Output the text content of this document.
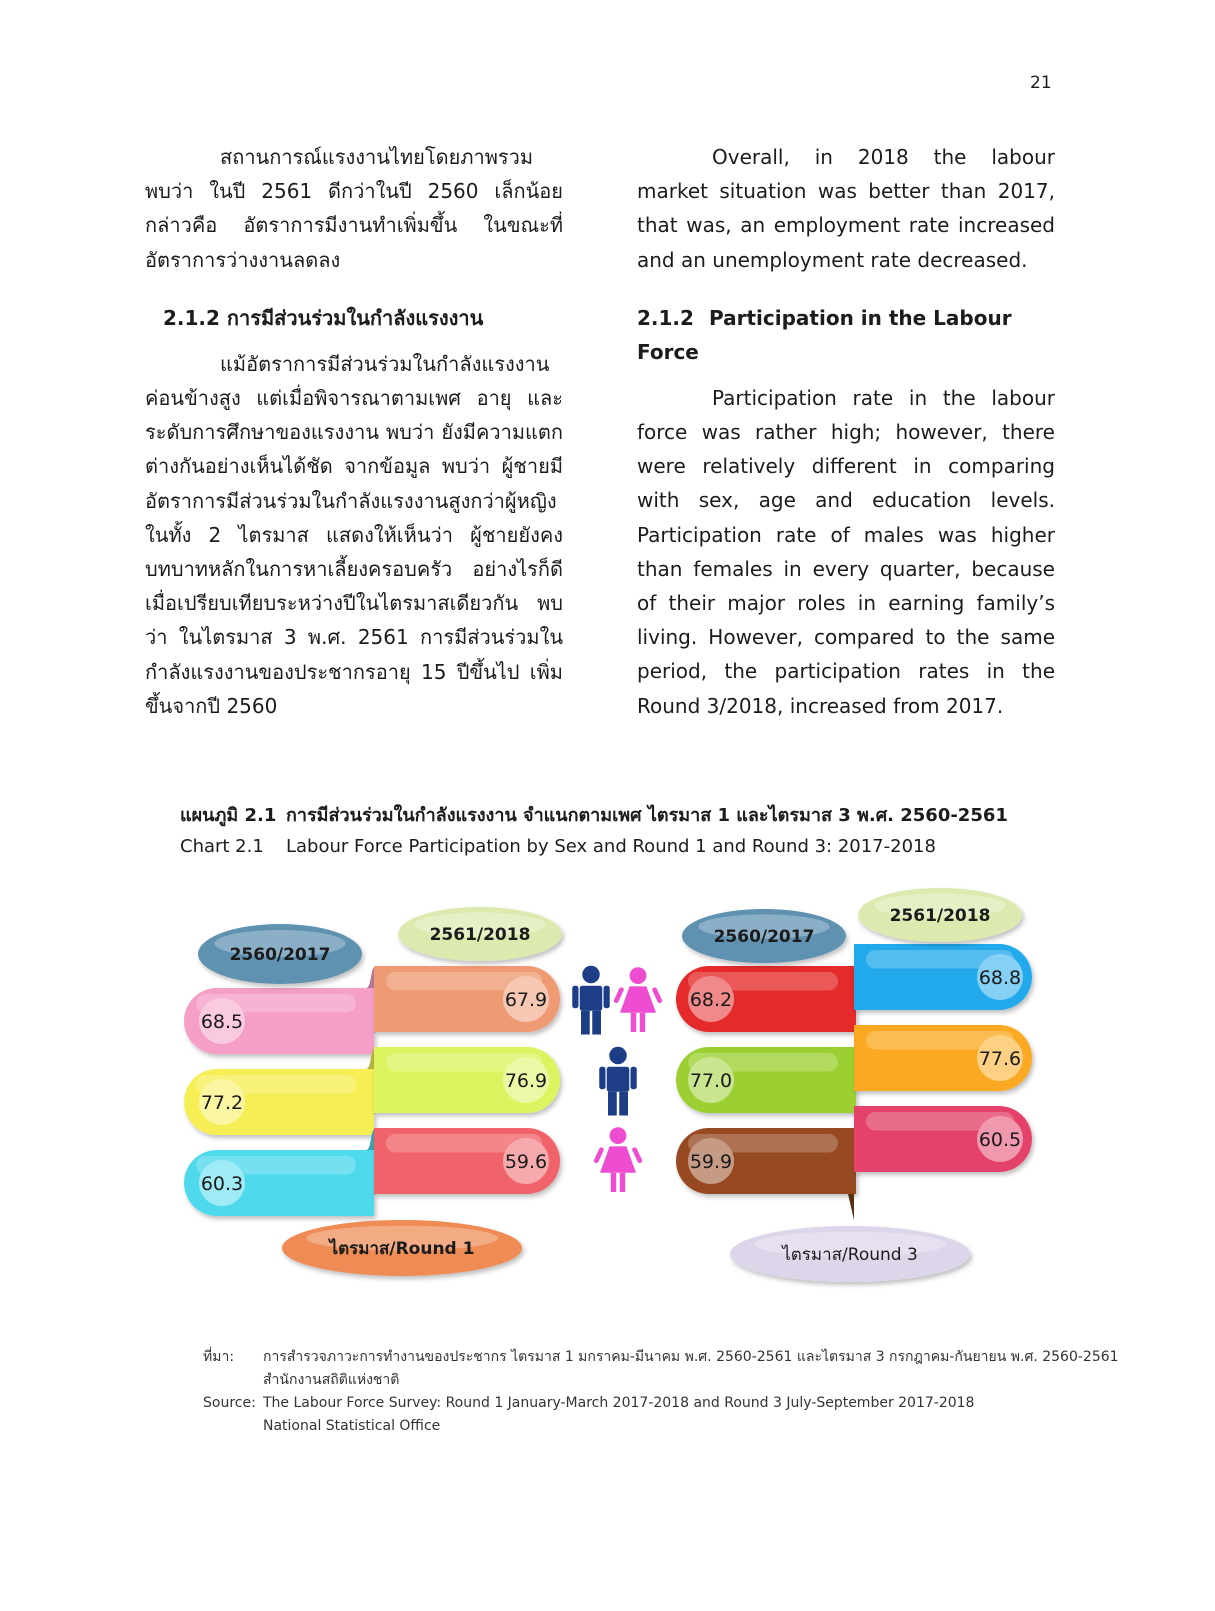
21

สถานการณ์แรงงานไทยโดยภาพรวม พบว่า ในปี 2561 ดีกว่าในปี 2560 เล็กน้อย กล่าวคือ อัตราการมีงานทำเพิ่มขึ้น ในขณะที่อัตราการว่างงานลดลง

2.1.2 การมีส่วนร่วมในกำลังแรงงาน

แม้อัตราการมีส่วนร่วมในกำลังแรงงานค่อนข้างสูง แต่เมื่อพิจารณาตามเพศ อายุ และระดับการศึกษาของแรงงาน พบว่า ยังมีความแตกต่างกันอย่างเห็นได้ชัด จากข้อมูล พบว่า ผู้ชายมีอัตราการมีส่วนร่วมในกำลังแรงงานสูงกว่าผู้หญิงในทั้ง 2 ไตรมาส แสดงให้เห็นว่า ผู้ชายยังคงบทบาทหลักในการหาเลี้ยงครอบครัว อย่างไรก็ดี เมื่อเปรียบเทียบระหว่างปีในไตรมาสเดียวกัน พบว่า ในไตรมาส 3 พ.ศ. 2561 การมีส่วนร่วมในกำลังแรงงานของประชากรอายุ 15 ปีขึ้นไป เพิ่มขึ้นจากปี 2560

Overall, in 2018 the labour market situation was better than 2017, that was, an employment rate increased and an unemployment rate decreased.

2.1.2 Participation in the Labour Force

Participation rate in the labour force was rather high; however, there were relatively different in comparing with sex, age and education levels. Participation rate of males was higher than females in every quarter, because of their major roles in earning family’s living. However, compared to the same period, the participation rates in the Round 3/2018, increased from 2017.

แผนภูมิ 2.1 การมีส่วนร่วมในกำลังแรงงาน จำแนกตามเพศ ไตรมาส 1 และไตรมาส 3 พ.ศ. 2560-2561
Chart 2.1 Labour Force Participation by Sex and Round 1 and Round 3: 2017-2018
68.5
67.9
77.2
76.9
60.3
59.6
68.2
68.8
77.0
77.6
59.9
60.5
2560/2017
2561/2018	2560/2017
2561/2018
ไตรมาส/Round 1	ไตรมาส/Round 3
ที่มา: การสำรวจภาวะการทำงานของประชากร ไตรมาส 1 มกราคม-มีนาคม พ.ศ. 2560-2561 และไตรมาส 3 กรกฎาคม-กันยายน พ.ศ. 2560-2561
สำนักงานสถิติแห่งชาติ
Source: The Labour Force Survey: Round 1 January-March 2017-2018 and Round 3 July-September 2017-2018
National Statistical Office
